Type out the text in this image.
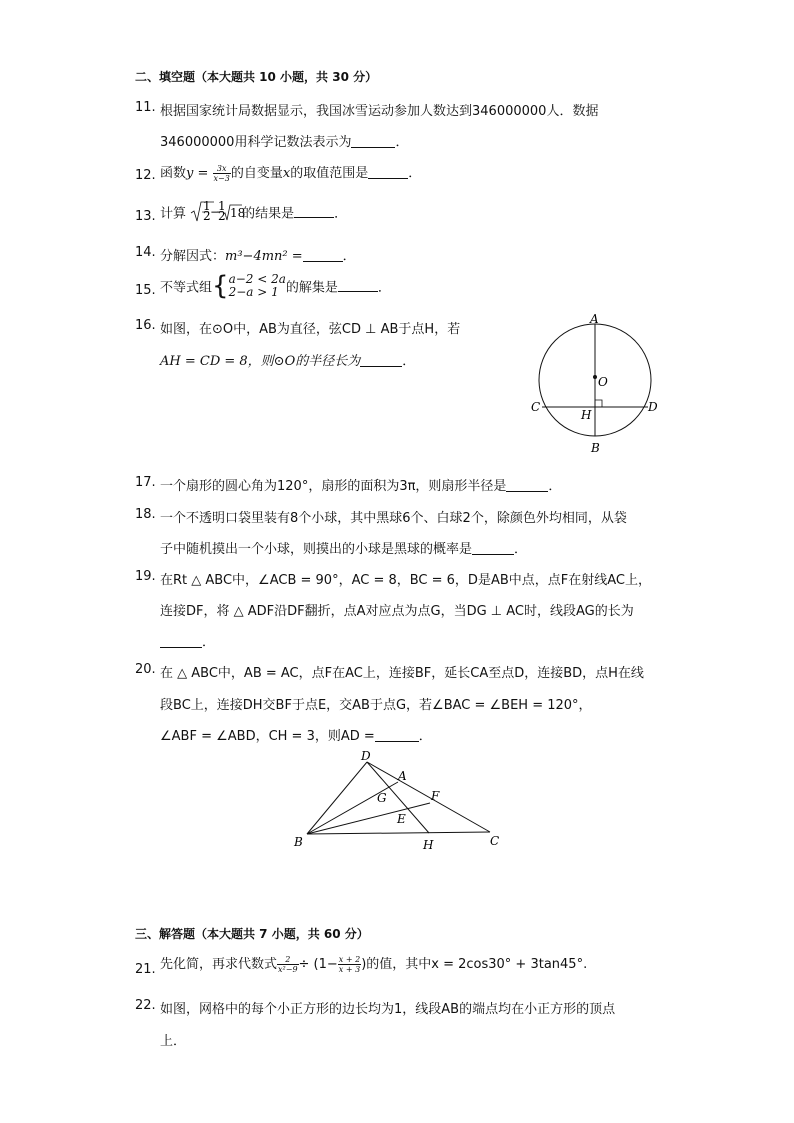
二、填空题（本大题共 10 小题，共 30 分）
11. 根据国家统计局数据显示，我国冰雪运动参加人数达到346000000人．数据
346000000用科学记数法表示为	．
12. 函数$y = \frac{3x}{x-3}$ 的自变量x的取值范围是	．
13. 计算
1
2 −
1
2 18
的结果是	．
14. 分解因式：m³−4mn² =	．
15. 不等式组{ a−2 < 2a
2−a > 1 的解集是	．
16. 如图，在⊙O中，AB为直径，弦CD ⊥ AB于点H，若
AH = CD = 8，则⊙O的半径长为	．
A
B
C	D
O
H
17. 一个扇形的圆心角为120°，扇形的面积为3π，则扇形半径是	．
18. 一个不透明口袋里装有8个小球，其中黑球6个、白球2个，除颜色外均相同，从袋
子中随机摸出一个小球，则摸出的小球是黑球的概率是	．
19. 在Rt △ ABC中，∠ACB = 90°，AC = 8，BC = 6，D是AB中点，点F在射线AC上，
连接DF，将 △ ADF沿DF翻折，点A对应点为点G，当DG ⊥ AC时，线段AG的长为
．
20. 在 △ ABC中，AB = AC，点F在AC上，连接BF，延长CA至点D，连接BD，点H在线
段BC上，连接DH交BF于点E，交AB于点G，若∠BAC = ∠BEH = 120°，
∠ABF = ∠ABD，CH = 3，则AD =	．
D
A
G	F
E
B	C
H
三、解答题（本大题共 7 小题，共 60 分）
21. 先化简，再求代数式 $\frac{2}{\text{x²−9}} \div (1- \frac{x + 2}{x + 3}$ )的值，其中x = 2cos30° + 3tan45°.
22. 如图，网格中的每个小正方形的边长均为1，线段AB的端点均在小正方形的顶点
上．
